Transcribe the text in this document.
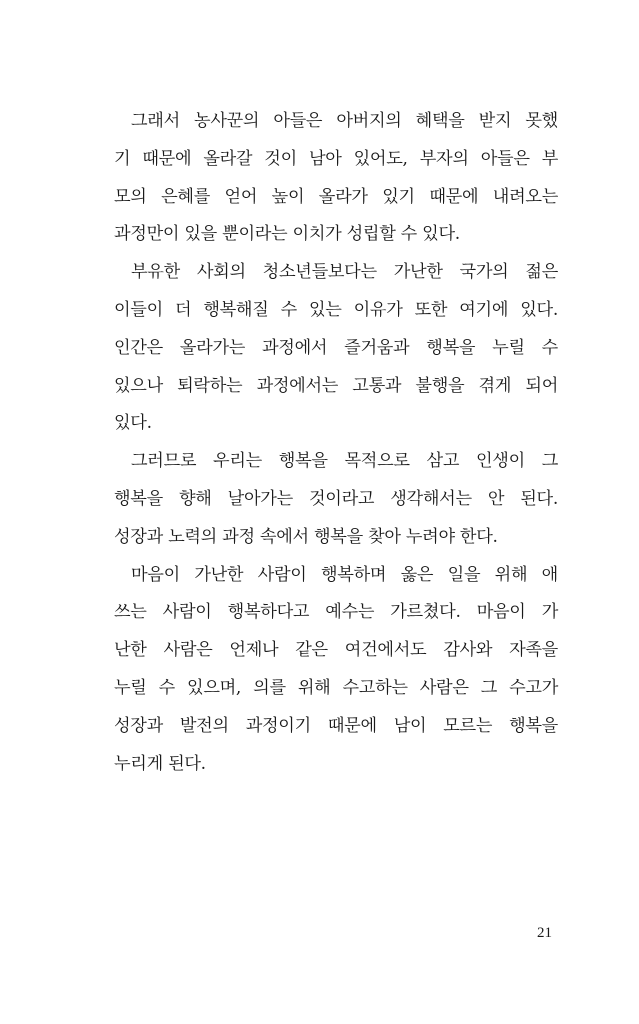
그래서 농사꾼의 아들은 아버지의 혜택을 받지 못했
기 때문에 올라갈 것이 남아 있어도, 부자의 아들은 부
모의 은혜를 얻어 높이 올라가 있기 때문에 내려오는
과정만이 있을 뿐이라는 이치가 성립할 수 있다.
부유한 사회의 청소년들보다는 가난한 국가의 젊은
이들이 더 행복해질 수 있는 이유가 또한 여기에 있다.
인간은 올라가는 과정에서 즐거움과 행복을 누릴 수
있으나 퇴락하는 과정에서는 고통과 불행을 겪게 되어
있다.
그러므로 우리는 행복을 목적으로 삼고 인생이 그
행복을 향해 날아가는 것이라고 생각해서는 안 된다.
성장과 노력의 과정 속에서 행복을 찾아 누려야 한다.
마음이 가난한 사람이 행복하며 옳은 일을 위해 애
쓰는 사람이 행복하다고 예수는 가르쳤다. 마음이 가
난한 사람은 언제나 같은 여건에서도 감사와 자족을
누릴 수 있으며, 의를 위해 수고하는 사람은 그 수고가
성장과 발전의 과정이기 때문에 남이 모르는 행복을
누리게 된다.
21
